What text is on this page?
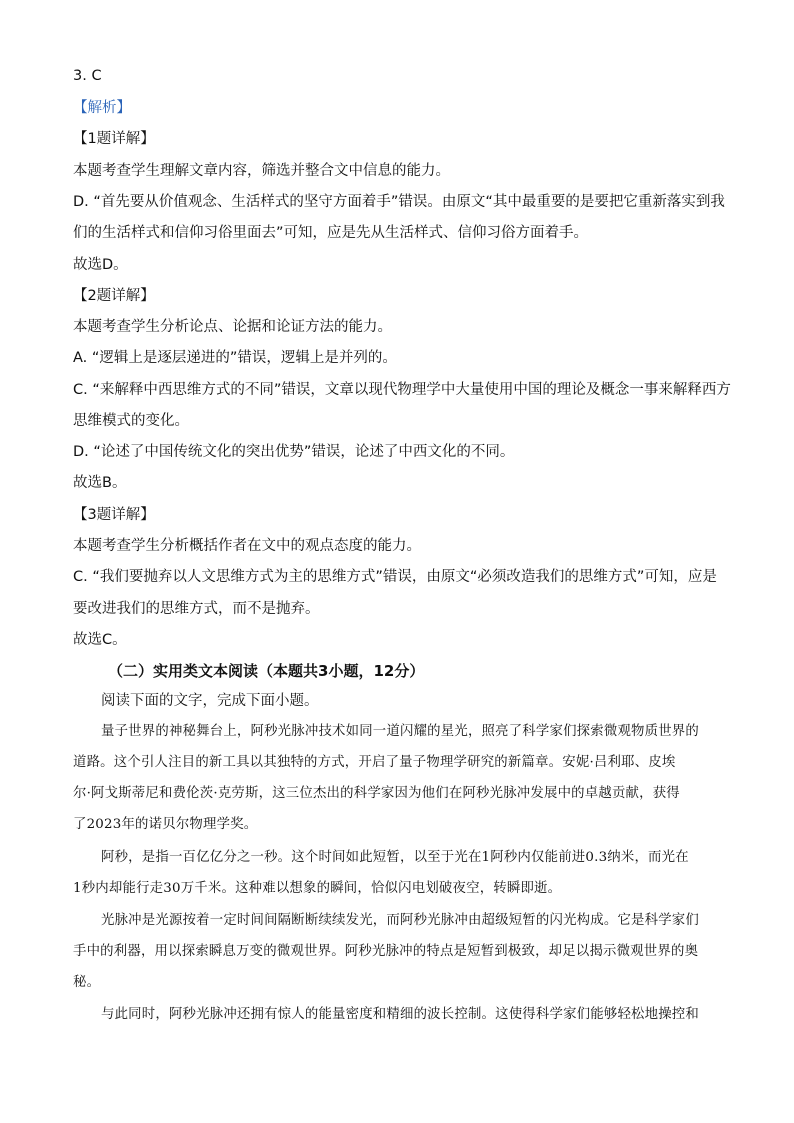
3. C
【解析】
【1题详解】
本题考查学生理解文章内容，筛选并整合文中信息的能力。
D. “首先要从价值观念、生活样式的坚守方面着手”错误。由原文“其中最重要的是要把它重新落实到我
们的生活样式和信仰习俗里面去”可知，应是先从生活样式、信仰习俗方面着手。
故选D。
【2题详解】
本题考查学生分析论点、论据和论证方法的能力。
A. “逻辑上是逐层递进的”错误，逻辑上是并列的。
C. “来解释中西思维方式的不同”错误，文章以现代物理学中大量使用中国的理论及概念一事来解释西方
思维模式的变化。
D. “论述了中国传统文化的突出优势”错误，论述了中西文化的不同。
故选B。
【3题详解】
本题考查学生分析概括作者在文中的观点态度的能力。
C. “我们要抛弃以人文思维方式为主的思维方式”错误，由原文“必须改造我们的思维方式”可知，应是
要改进我们的思维方式，而不是抛弃。
故选C。
（二）实用类文本阅读（本题共3小题，12分）
阅读下面的文字，完成下面小题。
量子世界的神秘舞台上，阿秒光脉冲技术如同一道闪耀的星光，照亮了科学家们探索微观物质世界的
道路。这个引人注目的新工具以其独特的方式，开启了量子物理学研究的新篇章。安妮·吕利耶、皮埃
尔·阿戈斯蒂尼和费伦茨·克劳斯，这三位杰出的科学家因为他们在阿秒光脉冲发展中的卓越贡献，获得
了2023年的诺贝尔物理学奖。
阿秒，是指一百亿亿分之一秒。这个时间如此短暂，以至于光在1阿秒内仅能前进0.3纳米，而光在
1秒内却能行走30万千米。这种难以想象的瞬间，恰似闪电划破夜空，转瞬即逝。
光脉冲是光源按着一定时间间隔断断续续发光，而阿秒光脉冲由超级短暂的闪光构成。它是科学家们
手中的利器，用以探索瞬息万变的微观世界。阿秒光脉冲的特点是短暂到极致，却足以揭示微观世界的奥
秘。
与此同时，阿秒光脉冲还拥有惊人的能量密度和精细的波长控制。这使得科学家们能够轻松地操控和
